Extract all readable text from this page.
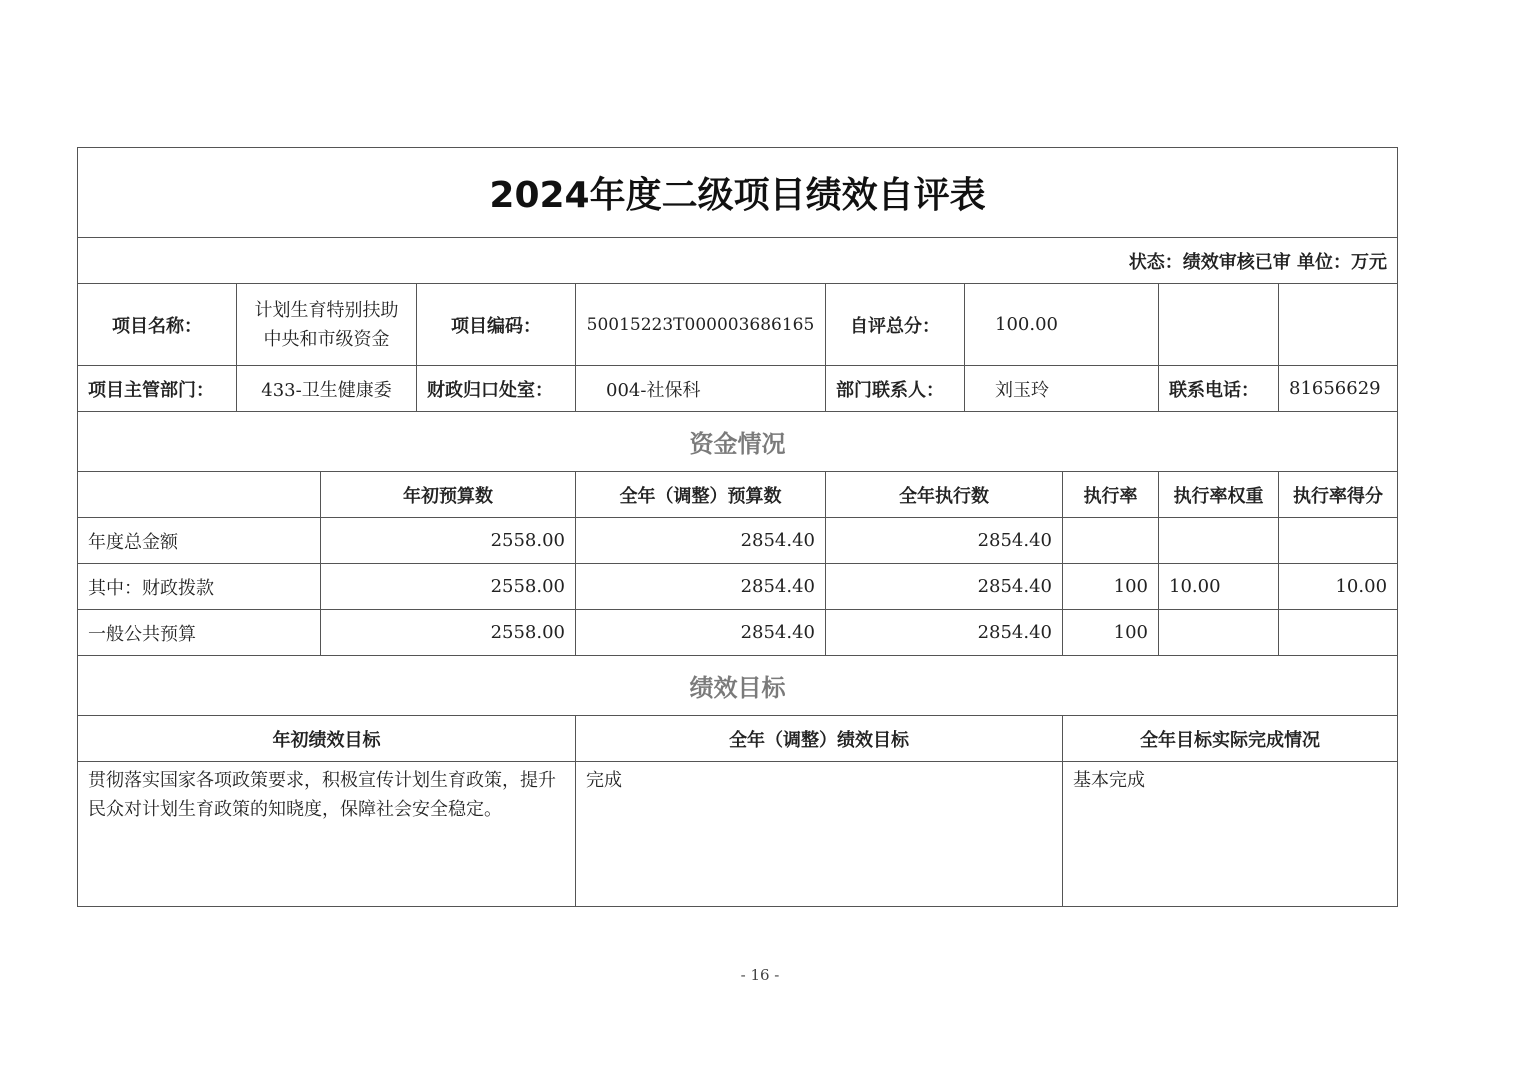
2024年度二级项目绩效自评表									
状态：绩效审核已审 单位：万元									
项目名称：	计划生育特别扶助中央和市级资金		项目编码：	50015223T000003686165	自评总分：	100.00			
项目主管部门：	433-卫生健康委		财政归口处室：	004-社保科	部门联系人：	刘玉玲		联系电话：	81656629
资金情况									
		年初预算数		全年（调整）预算数	全年执行数		执行率	执行率权重	执行率得分
年度总金额		2558.00		2854.40	2854.40				
其中：财政拨款		2558.00		2854.40	2854.40		100	10.00	10.00
一般公共预算		2558.00		2854.40	2854.40		100		
绩效目标									
年初绩效目标				全年（调整）绩效目标			全年目标实际完成情况		
贯彻落实国家各项政策要求，积极宣传计划生育政策，提升民众对计划生育政策的知晓度，保障社会安全稳定。				完成			基本完成		
- 16 -
